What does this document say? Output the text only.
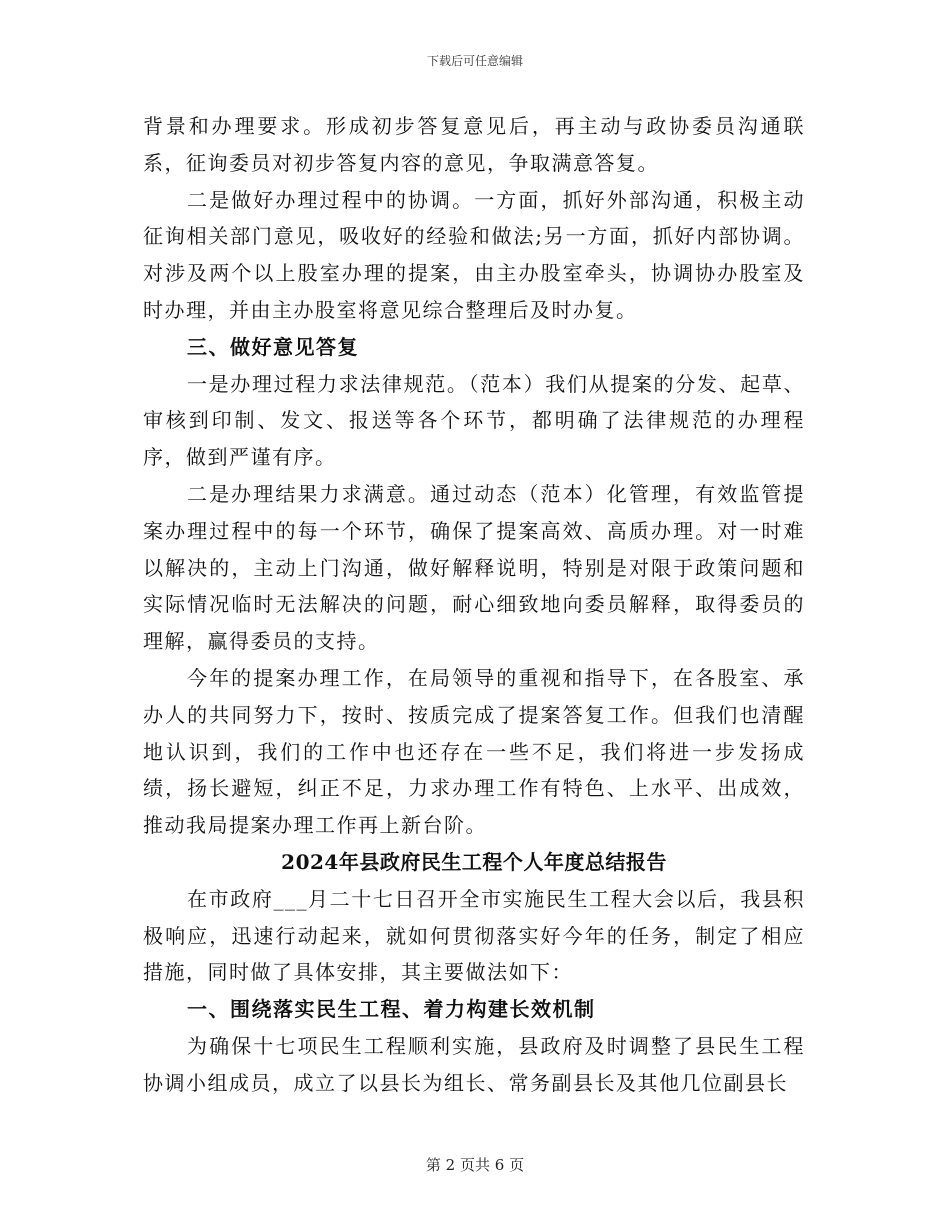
下载后可任意编辑

背景和办理要求。形成初步答复意见后，再主动与政协委员沟通联系，征询委员对初步答复内容的意见，争取满意答复。

二是做好办理过程中的协调。一方面，抓好外部沟通，积极主动征询相关部门意见，吸收好的经验和做法;另一方面，抓好内部协调。对涉及两个以上股室办理的提案，由主办股室牵头，协调协办股室及时办理，并由主办股室将意见综合整理后及时办复。

三、做好意见答复

一是办理过程力求法律规范。（范本）我们从提案的分发、起草、审核到印制、发文、报送等各个环节，都明确了法律规范的办理程序，做到严谨有序。

二是办理结果力求满意。通过动态（范本）化管理，有效监管提案办理过程中的每一个环节，确保了提案高效、高质办理。对一时难以解决的，主动上门沟通，做好解释说明，特别是对限于政策问题和实际情况临时无法解决的问题，耐心细致地向委员解释，取得委员的理解，赢得委员的支持。

今年的提案办理工作，在局领导的重视和指导下，在各股室、承办人的共同努力下，按时、按质完成了提案答复工作。但我们也清醒地认识到，我们的工作中也还存在一些不足，我们将进一步发扬成绩，扬长避短，纠正不足，力求办理工作有特色、上水平、出成效，推动我局提案办理工作再上新台阶。

2024年县政府民生工程个人年度总结报告

在市政府___月二十七日召开全市实施民生工程大会以后，我县积极响应，迅速行动起来，就如何贯彻落实好今年的任务，制定了相应措施，同时做了具体安排，其主要做法如下：

一、围绕落实民生工程、着力构建长效机制

为确保十七项民生工程顺利实施，县政府及时调整了县民生工程协调小组成员，成立了以县长为组长、常务副县长及其他几位副县长

第 2 页共 6 页
